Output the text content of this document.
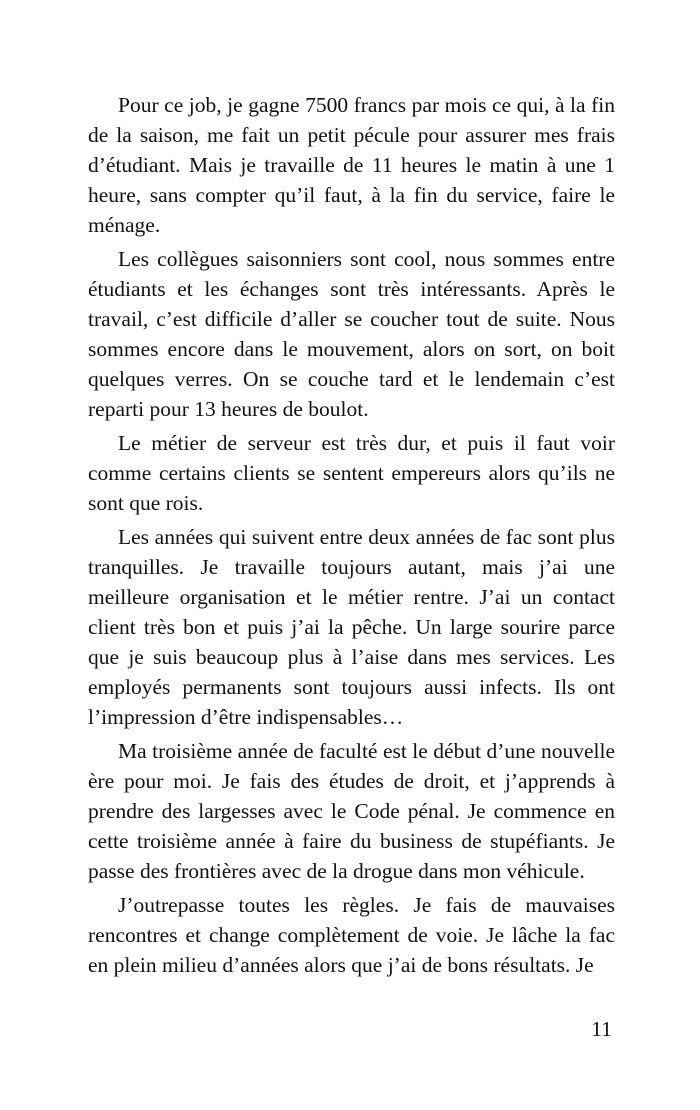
Pour ce job, je gagne 7500 francs par mois ce qui, à la fin de la saison, me fait un petit pécule pour assurer mes frais d’étudiant. Mais je travaille de 11 heures le matin à une 1 heure, sans compter qu’il faut, à la fin du service, faire le ménage.

Les collègues saisonniers sont cool, nous sommes entre étudiants et les échanges sont très intéressants. Après le travail, c’est difficile d’aller se coucher tout de suite. Nous sommes encore dans le mouvement, alors on sort, on boit quelques verres. On se couche tard et le lendemain c’est reparti pour 13 heures de boulot.

Le métier de serveur est très dur, et puis il faut voir comme certains clients se sentent empereurs alors qu’ils ne sont que rois.

Les années qui suivent entre deux années de fac sont plus tranquilles. Je travaille toujours autant, mais j’ai une meilleure organisation et le métier rentre. J’ai un contact client très bon et puis j’ai la pêche. Un large sourire parce que je suis beaucoup plus à l’aise dans mes services. Les employés permanents sont toujours aussi infects. Ils ont l’impression d’être indispensables…

Ma troisième année de faculté est le début d’une nouvelle ère pour moi. Je fais des études de droit, et j’apprends à prendre des largesses avec le Code pénal. Je commence en cette troisième année à faire du business de stupéfiants. Je passe des frontières avec de la drogue dans mon véhicule.

J’outrepasse toutes les règles. Je fais de mauvaises rencontres et change complètement de voie. Je lâche la fac en plein milieu d’années alors que j’ai de bons résultats. Je

11
